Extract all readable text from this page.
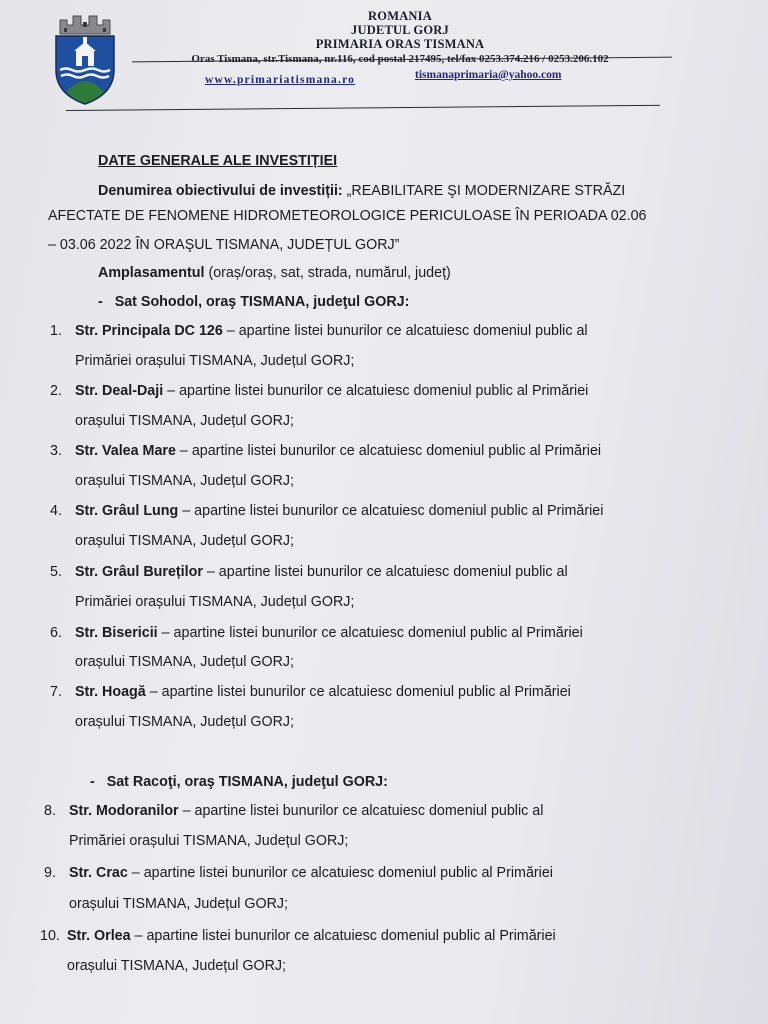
ROMANIA
JUDETUL GORJ
PRIMARIA ORAS TISMANA
Oras Tismana, str.Tismana, nr.116, cod postal 217495, tel/fax 0253.374.216 / 0253.206.102
www.primariatismana.ro	tismanaprimaria@yahoo.com
DATE GENERALE ALE INVESTIȚIEI
Denumirea obiectivului de investiții: „REABILITARE ŞI MODERNIZARE STRĂZI
AFECTATE DE FENOMENE HIDROMETEOROLOGICE PERICULOASE ÎN PERIOADA 02.06
– 03.06 2022 ÎN ORAŞUL TISMANA, JUDEȚUL GORJ”
Amplasamentul (oraș/oraș, sat, strada, numărul, județ)
-   Sat Sohodol, oraş TISMANA, judeţul GORJ:
1. Str. Principala DC 126 – apartine listei bunurilor ce alcatuiesc domeniul public al
Primăriei orașului TISMANA, Județul GORJ;
2. Str. Deal-Daji – apartine listei bunurilor ce alcatuiesc domeniul public al Primăriei
orașului TISMANA, Județul GORJ;
3. Str. Valea Mare – apartine listei bunurilor ce alcatuiesc domeniul public al Primăriei
orașului TISMANA, Județul GORJ;
4. Str. Grâul Lung – apartine listei bunurilor ce alcatuiesc domeniul public al Primăriei
orașului TISMANA, Județul GORJ;
5. Str. Grâul Bureților – apartine listei bunurilor ce alcatuiesc domeniul public al
Primăriei orașului TISMANA, Județul GORJ;
6. Str. Bisericii – apartine listei bunurilor ce alcatuiesc domeniul public al Primăriei
orașului TISMANA, Județul GORJ;
7. Str. Hoagă – apartine listei bunurilor ce alcatuiesc domeniul public al Primăriei
orașului TISMANA, Județul GORJ;
-   Sat Racoţi, oraş TISMANA, judeţul GORJ:
8. Str. Modoranilor – apartine listei bunurilor ce alcatuiesc domeniul public al
Primăriei orașului TISMANA, Județul GORJ;
9. Str. Crac – apartine listei bunurilor ce alcatuiesc domeniul public al Primăriei
orașului TISMANA, Județul GORJ;
10. Str. Orlea – apartine listei bunurilor ce alcatuiesc domeniul public al Primăriei
orașului TISMANA, Județul GORJ;
